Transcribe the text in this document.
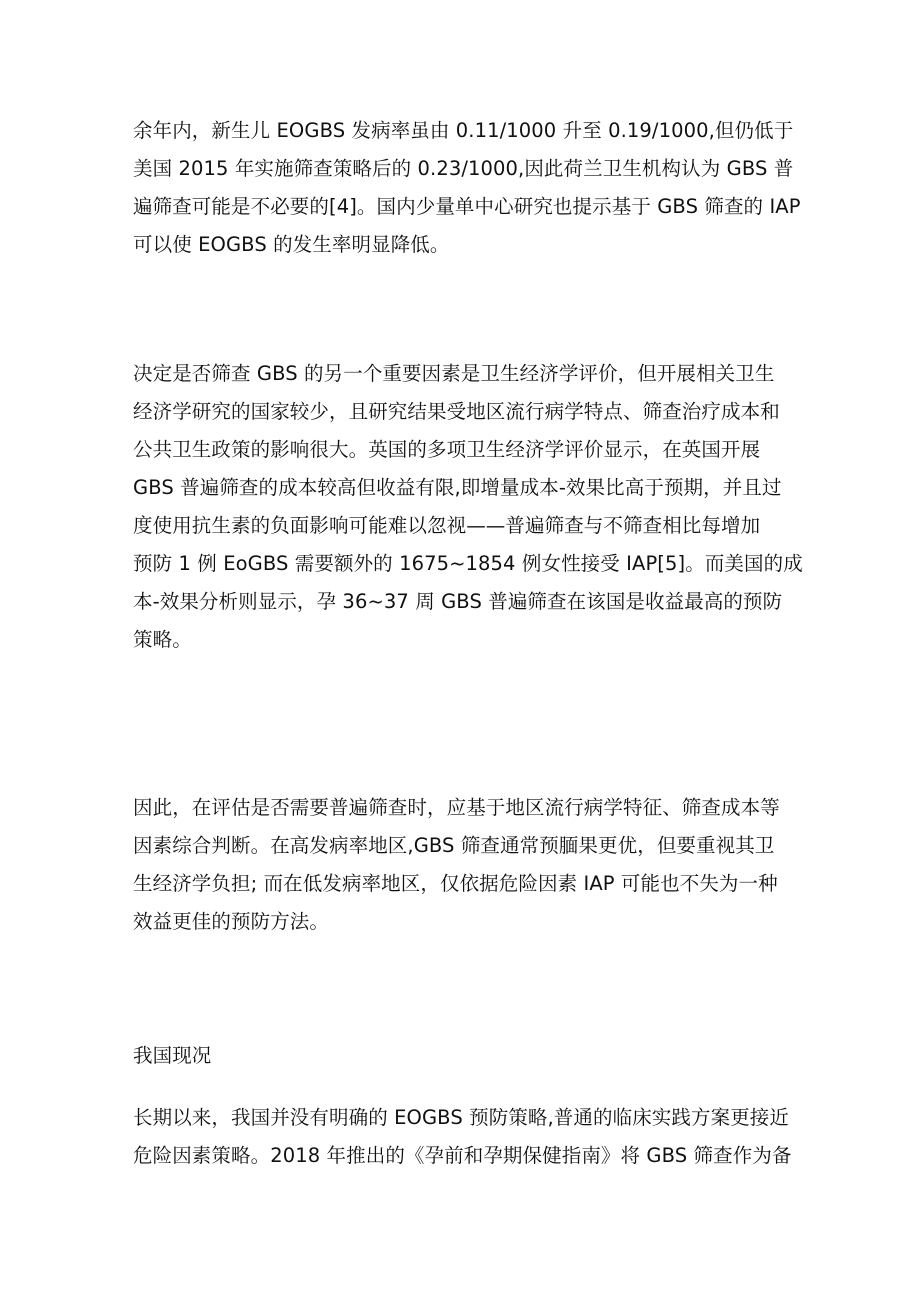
余年内，新生儿 EOGBS 发病率虽由 0.11/1000 升至 0.19/1000,但仍低于
美国 2015 年实施筛查策略后的 0.23/1000,因此荷兰卫生机构认为 GBS 普
遍筛查可能是不必要的[4]。国内少量单中心研究也提示基于 GBS 筛查的 IAP
可以使 EOGBS 的发生率明显降低。
决定是否筛查 GBS 的另一个重要因素是卫生经济学评价，但开展相关卫生
经济学研究的国家较少，且研究结果受地区流行病学特点、筛查治疗成本和
公共卫生政策的影响很大。英国的多项卫生经济学评价显示，在英国开展
GBS 普遍筛查的成本较高但收益有限,即增量成本-效果比高于预期，并且过
度使用抗生素的负面影响可能难以忽视——普遍筛查与不筛查相比每增加
预防 1 例 EoGBS 需要额外的 1675~1854 例女性接受 IAP[5]。而美国的成
本-效果分析则显示，孕 36~37 周 GBS 普遍筛查在该国是收益最高的预防
策略。
因此，在评估是否需要普遍筛查时，应基于地区流行病学特征、筛查成本等
因素综合判断。在高发病率地区,GBS 筛查通常预腼果更优，但要重视其卫
生经济学负担; 而在低发病率地区，仅依据危险因素 IAP 可能也不失为一种
效益更佳的预防方法。
我国现况
长期以来，我国并没有明确的 EOGBS 预防策略,普通的临床实践方案更接近
危险因素策略。2018 年推出的《孕前和孕期保健指南》将 GBS 筛查作为备
